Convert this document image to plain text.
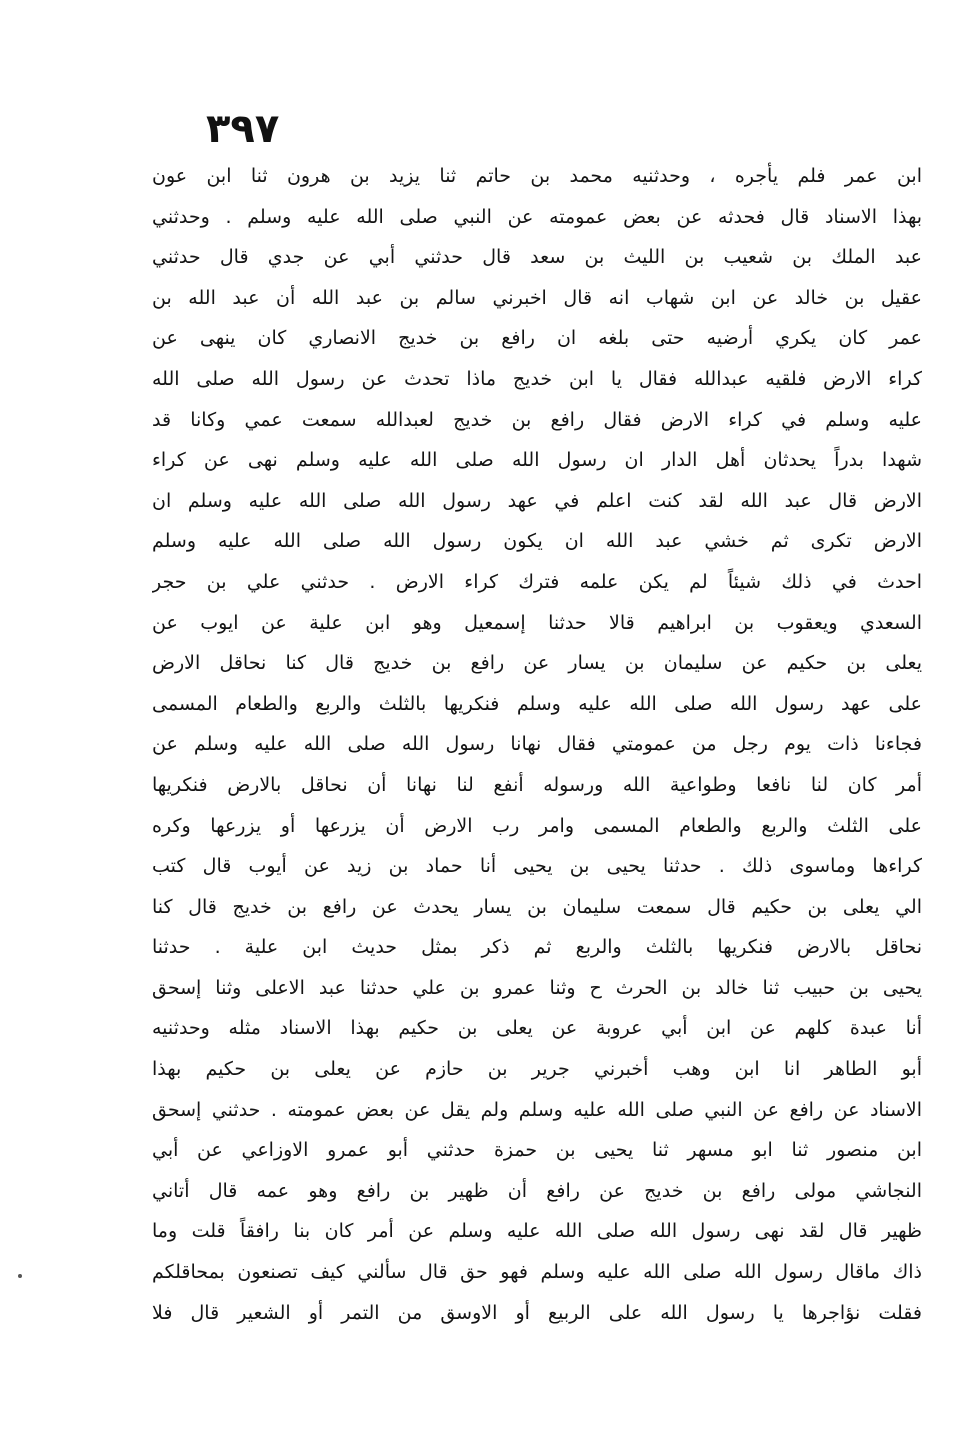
٣٩٧
ابن عمر فلم يأجره ، وحدثنيه محمد بن حاتم ثنا يزيد بن هرون ثنا ابن عون
بهذا الاسناد قال فحدثه عن بعض عمومته عن النبي صلى الله عليه وسلم . وحدثني
عبد الملك بن شعيب بن الليث بن سعد قال حدثني أبي عن جدي قال حدثني
عقيل بن خالد عن ابن شهاب انه قال اخبرني سالم بن عبد الله أن عبد الله بن
عمر كان يكري أرضيه حتى بلغه ان رافع بن خديج الانصاري كان ينهى عن
كراء الارض فلقيه عبدالله فقال يا ابن خديج ماذا تحدث عن رسول الله صلى الله
عليه وسلم في كراء الارض فقال رافع بن خديج لعبدالله سمعت عمي وكانا قد
شهدا بدراً يحدثان أهل الدار ان رسول الله صلى الله عليه وسلم نهى عن كراء
الارض قال عبد الله لقد كنت اعلم في عهد رسول الله صلى الله عليه وسلم ان
الارض تكرى ثم خشي عبد الله ان يكون رسول الله صلى الله عليه وسلم
احدث في ذلك شيئاً لم يكن علمه فترك كراء الارض . حدثني علي بن حجر
السعدي ويعقوب بن ابراهيم قالا حدثنا إسمعيل وهو ابن علية عن ايوب عن
يعلى بن حكيم عن سليمان بن يسار عن رافع بن خديج قال كنا نحاقل الارض
على عهد رسول الله صلى الله عليه وسلم فنكريها بالثلث والربع والطعام المسمى
فجاءنا ذات يوم رجل من عمومتي فقال نهانا رسول الله صلى الله عليه وسلم عن
أمر كان لنا نافعا وطواعية الله ورسوله أنفع لنا نهانا أن نحاقل بالارض فنكريها
على الثلث والربع والطعام المسمى وامر رب الارض أن يزرعها أو يزرعها وكره
كراءها وماسوى ذلك . حدثنا يحيى بن يحيى أنا حماد بن زيد عن أيوب قال كتب
الي يعلى بن حكيم قال سمعت سليمان بن يسار يحدث عن رافع بن خديج قال كنا
نحاقل بالارض فنكريها بالثلث والربع ثم ذكر بمثل حديث ابن علية . حدثنا
يحيى بن حبيب ثنا خالد بن الحرث ح وثنا عمرو بن علي حدثنا عبد الاعلى وثنا إسحق
أنا عبدة كلهم عن ابن أبي عروبة عن يعلى بن حكيم بهذا الاسناد مثله وحدثنيه
أبو الطاهر انا ابن وهب أخبرني جرير بن حازم عن يعلى بن حكيم بهذا
الاسناد عن رافع عن النبي صلى الله عليه وسلم ولم يقل عن بعض عمومته . حدثني إسحق
ابن منصور ثنا ابو مسهر ثنا يحيى بن حمزة حدثني أبو عمرو الاوزاعي عن أبي
النجاشي مولى رافع بن خديج عن رافع أن ظهير بن رافع وهو عمه قال أتاني
ظهير قال لقد نهى رسول الله صلى الله عليه وسلم عن أمر كان بنا رافقاً قلت وما
ذاك ماقال رسول الله صلى الله عليه وسلم فهو حق قال سألني كيف تصنعون بمحاقلكم
فقلت نؤاجرها يا رسول الله على الربيع أو الاوسق من التمر أو الشعير قال فلا
